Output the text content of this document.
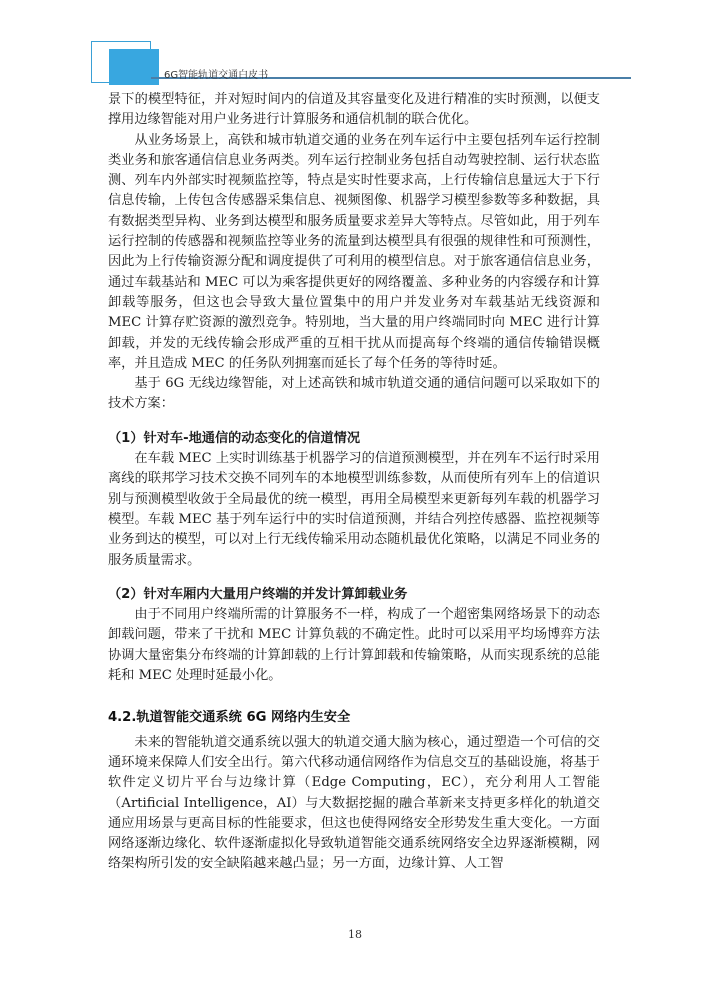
6G智能轨道交通白皮书

景下的模型特征，并对短时间内的信道及其容量变化及进行精准的实时预测，以便支撑用边缘智能对用户业务进行计算服务和通信机制的联合优化。

从业务场景上，高铁和城市轨道交通的业务在列车运行中主要包括列车运行控制类业务和旅客通信信息业务两类。列车运行控制业务包括自动驾驶控制、运行状态监测、列车内外部实时视频监控等，特点是实时性要求高，上行传输信息量远大于下行信息传输，上传包含传感器采集信息、视频图像、机器学习模型参数等多种数据，具有数据类型异构、业务到达模型和服务质量要求差异大等特点。尽管如此，用于列车运行控制的传感器和视频监控等业务的流量到达模型具有很强的规律性和可预测性，因此为上行传输资源分配和调度提供了可利用的模型信息。对于旅客通信信息业务，通过车载基站和 MEC 可以为乘客提供更好的网络覆盖、多种业务的内容缓存和计算卸载等服务，但这也会导致大量位置集中的用户并发业务对车载基站无线资源和 MEC 计算存贮资源的激烈竞争。特别地，当大量的用户终端同时向 MEC 进行计算卸载，并发的无线传输会形成严重的互相干扰从而提高每个终端的通信传输错误概率，并且造成 MEC 的任务队列拥塞而延长了每个任务的等待时延。

基于 6G 无线边缘智能，对上述高铁和城市轨道交通的通信问题可以采取如下的技术方案：

（1）针对车-地通信的动态变化的信道情况

在车载 MEC 上实时训练基于机器学习的信道预测模型，并在列车不运行时采用离线的联邦学习技术交换不同列车的本地模型训练参数，从而使所有列车上的信道识别与预测模型收敛于全局最优的统一模型，再用全局模型来更新每列车载的机器学习模型。车载 MEC 基于列车运行中的实时信道预测，并结合列控传感器、监控视频等业务到达的模型，可以对上行无线传输采用动态随机最优化策略，以满足不同业务的服务质量需求。

（2）针对车厢内大量用户终端的并发计算卸载业务

由于不同用户终端所需的计算服务不一样，构成了一个超密集网络场景下的动态卸载问题，带来了干扰和 MEC 计算负载的不确定性。此时可以采用平均场博弈方法协调大量密集分布终端的计算卸载的上行计算卸载和传输策略，从而实现系统的总能耗和 MEC 处理时延最小化。

4.2.轨道智能交通系统 6G 网络内生安全

未来的智能轨道交通系统以强大的轨道交通大脑为核心，通过塑造一个可信的交通环境来保障人们安全出行。第六代移动通信网络作为信息交互的基础设施，将基于软件定义切片平台与边缘计算（Edge Computing，EC），充分利用人工智能（Artificial Intelligence，AI）与大数据挖掘的融合革新来支持更多样化的轨道交通应用场景与更高目标的性能要求，但这也使得网络安全形势发生重大变化。一方面网络逐渐边缘化、软件逐渐虚拟化导致轨道智能交通系统网络安全边界逐渐模糊，网络架构所引发的安全缺陷越来越凸显；另一方面，边缘计算、人工智

18
